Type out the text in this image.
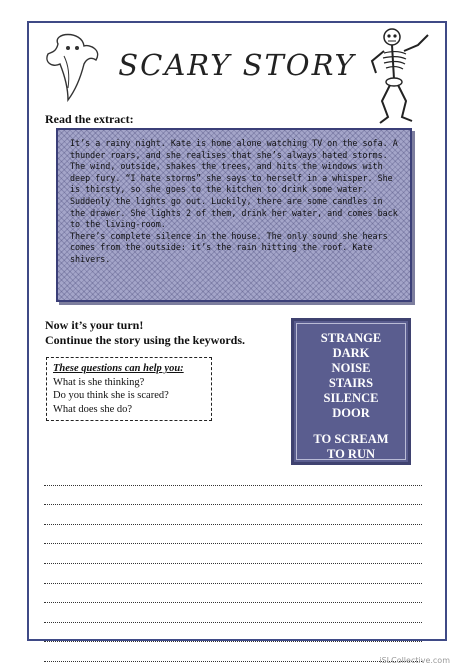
SCARY STORY
Read the extract:

It’s a rainy night. Kate is home alone watching TV on the sofa. A thunder roars, and she realises that she’s always hated storms. The wind, outside, shakes the trees, and hits the windows with deep fury. “I hate storms” she says to herself in a whisper. She is thirsty, so she goes to the kitchen to drink some water.

Suddenly the lights go out. Luckily, there are some candles in the drawer. She lights 2 of them, drink her water, and comes back to the living-room.

There’s complete silence in the house. The only sound she hears comes from the outside: it’s the rain hitting the roof. Kate shivers.

Now it’s your turn!
Continue the story using the keywords.
These questions can help you:
What is she thinking?
Do you think she is scared?
What does she do?
STRANGE
DARK
NOISE
STAIRS
SILENCE
DOOR
TO SCREAM
TO RUN
iSLCollective.com
